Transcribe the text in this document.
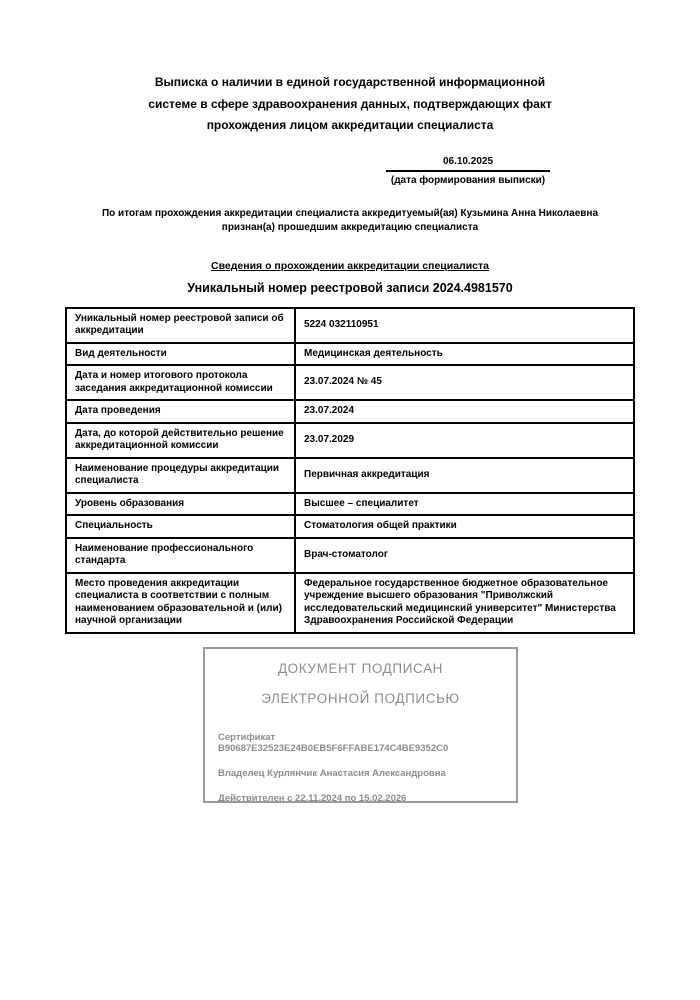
Выписка о наличии в единой государственной информационной
системе в сфере здравоохранения данных, подтверждающих факт
прохождения лицом аккредитации специалиста
06.10.2025
(дата формирования выписки)
По итогам прохождения аккредитации специалиста аккредитуемый(ая) Кузьмина Анна Николаевна
признан(а) прошедшим аккредитацию специалиста
Сведения о прохождении аккредитации специалиста
Уникальный номер реестровой записи 2024.4981570
Уникальный номер реестровой записи об аккредитации	5224 032110951
Вид деятельности	Медицинская деятельность
Дата и номер итогового протокола заседания аккредитационной комиссии	23.07.2024 № 45
Дата проведения	23.07.2024
Дата, до которой действительно решение аккредитационной комиссии	23.07.2029
Наименование процедуры аккредитации специалиста	Первичная аккредитация
Уровень образования	Высшее – специалитет
Специальность	Стоматология общей практики
Наименование профессионального стандарта	Врач-стоматолог
Место проведения аккредитации специалиста в соответствии с полным наименованием образовательной и (или) научной организации	Федеральное государственное бюджетное образовательное учреждение высшего образования "Приволжский исследовательский медицинский университет" Министерства Здравоохранения Российской Федерации
ДОКУМЕНТ ПОДПИСАН
ЭЛЕКТРОННОЙ ПОДПИСЬЮ
Сертификат B90687E32523E24B0EB5F6FFABE174C4BE9352C0
Владелец Курлянчик Анастасия Александровна
Действителен с 22.11.2024 по 15.02.2026
